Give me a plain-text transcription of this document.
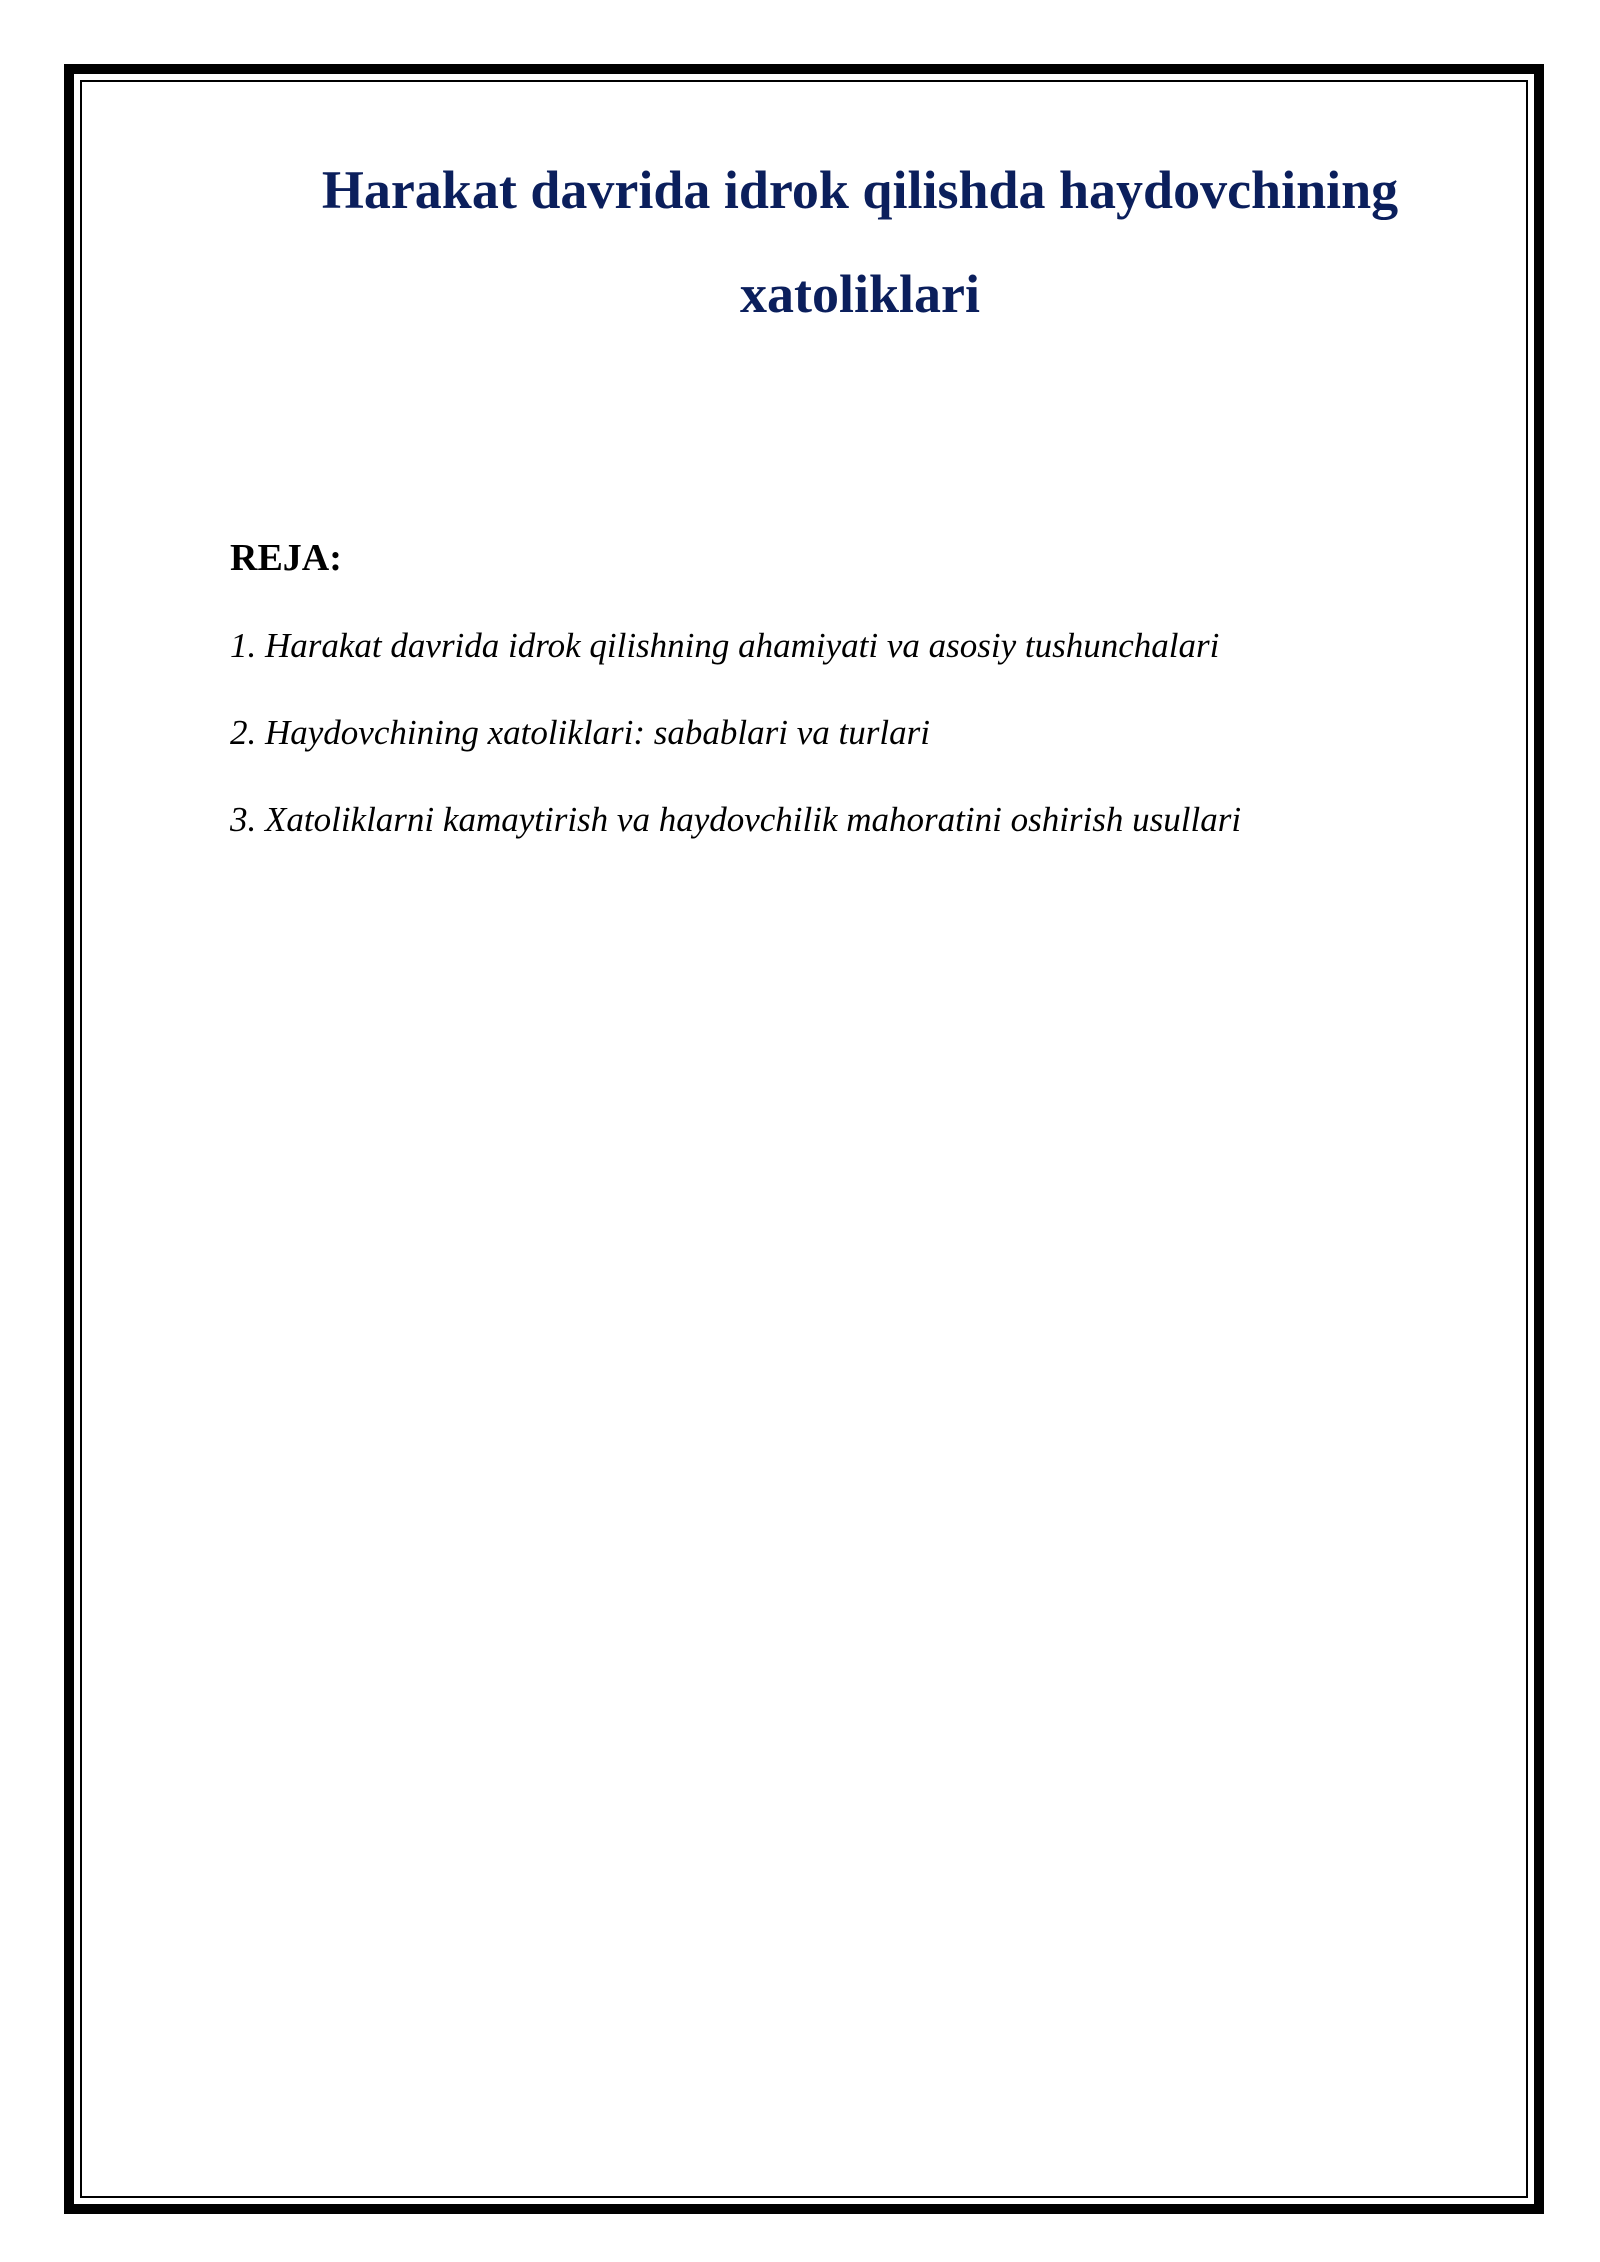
Harakat davrida idrok qilishda haydovchining xatoliklari
REJA:
1. Harakat davrida idrok qilishning ahamiyati va asosiy tushunchalari
2. Haydovchining xatoliklari: sabablari va turlari
3. Xatoliklarni kamaytirish va haydovchilik mahoratini oshirish usullari
